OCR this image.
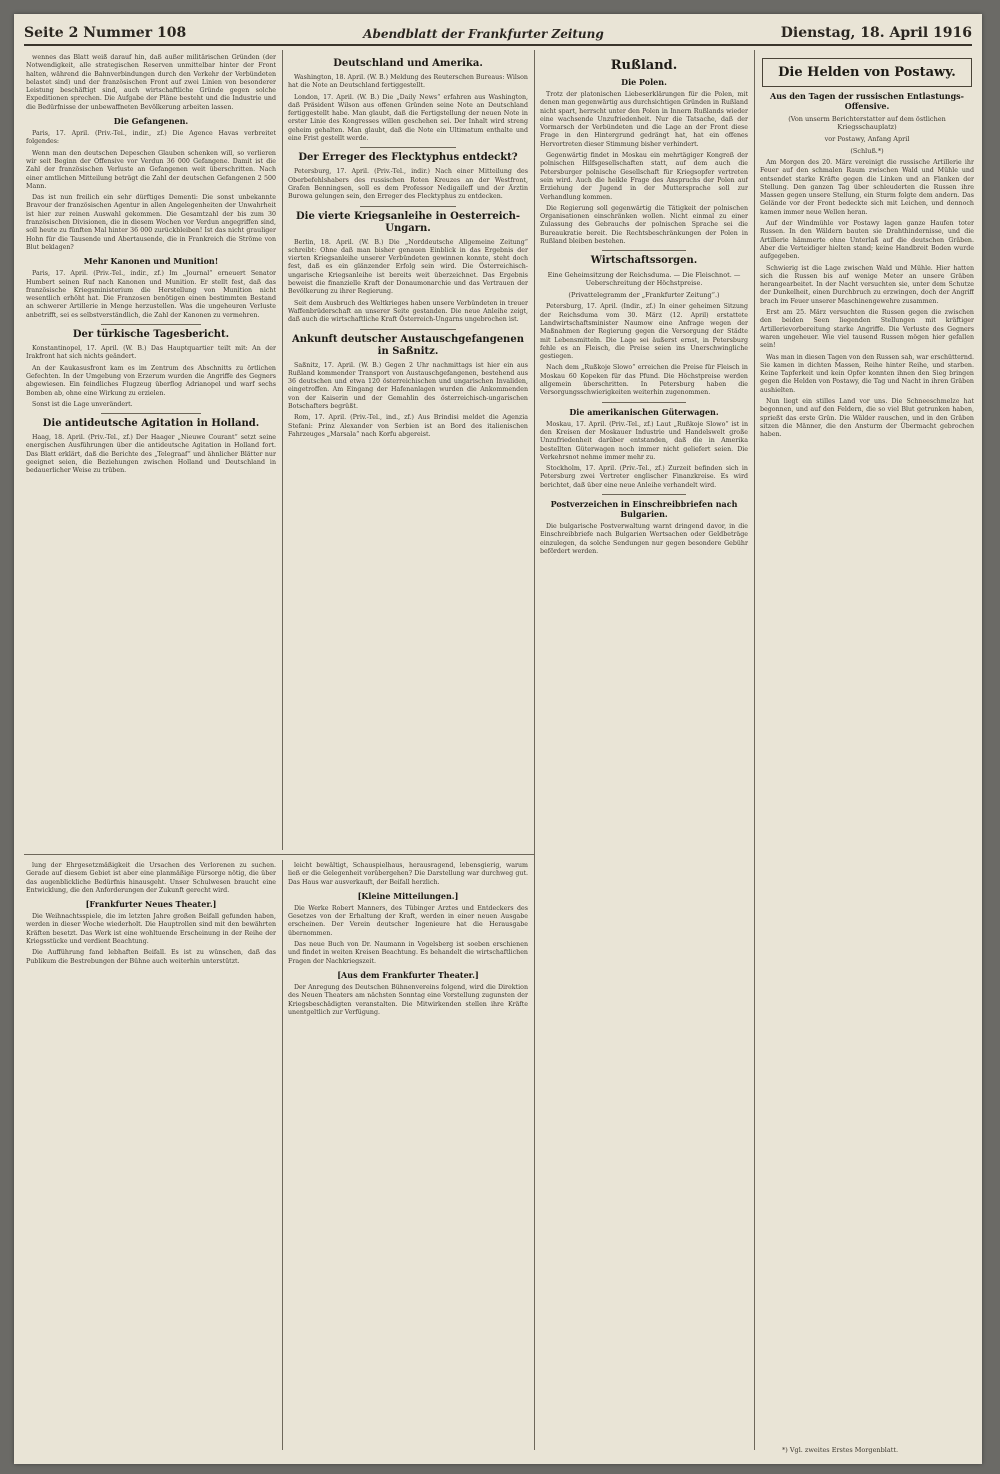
Seite 2 Nummer 108	Abendblatt der Frankfurter Zeitung	Dienstag, 18. April 1916

wennes das Blatt weiß darauf hin, daß außer militärischen Gründen (der Notwendigkeit, alle strategischen Reserven unmittelbar hinter der Front halten, während die Bahnverbindungen durch den Verkehr der Verbündeten belastet sind) und der französischen Front auf zwei Linien von besonderer Leistung beschäftigt sind, auch wirtschaftliche Gründe gegen solche Expeditionen sprechen. Die Aufgabe der Pläne besteht und die Industrie und die Bedürfnisse der unbewaffneten Bevölkerung arbeiten lassen.

Die Gefangenen.

Paris, 17. April. (Priv.-Tel., indir., zf.) Die Agence Havas verbreitet folgendes:

Wenn man den deutschen Depeschen Glauben schenken will, so verlieren wir seit Beginn der Offensive vor Verdun 36 000 Gefangene. Damit ist die Zahl der französischen Verluste an Gefangenen weit überschritten. Nach einer amtlichen Mitteilung beträgt die Zahl der deutschen Gefangenen 2 500 Mann.

Das ist nun freilich ein sehr dürftiges Dementi: Die sonst unbekannte Bravour der französischen Agentur in allen Angelegenheiten der Unwahrheit ist hier zur reinen Auswahl gekommen. Die Gesamtzahl der bis zum 30 französischen Divisionen, die in diesem Wochen vor Verdun angegriffen sind, soll heute zu fünften Mal hinter 36 000 zurückbleiben! Ist das nicht grauliger Hohn für die Tausende und Abertausende, die in Frankreich die Ströme von Blut beklagen?

Mehr Kanonen und Munition!

Paris, 17. April. (Priv.-Tel., indir., zf.) Im „Journal“ erneuert Senator Humbert seinen Ruf nach Kanonen und Munition. Er stellt fest, daß das französische Kriegsministerium die Herstellung von Munition nicht wesentlich erhöht hat. Die Franzosen benötigen einen bestimmten Bestand an schwerer Artillerie in Menge herzustellen. Was die ungeheuren Verluste anbetrifft, sei es selbstverständlich, die Zahl der Kanonen zu vermehren.

Der türkische Tagesbericht.

Konstantinopel, 17. April. (W. B.) Das Hauptquartier teilt mit: An der Irakfront hat sich nichts geändert.

An der Kaukasusfront kam es im Zentrum des Abschnitts zu örtlichen Gefechten. In der Umgebung von Erzerum wurden die Angriffe des Gegners abgewiesen. Ein feindliches Flugzeug überflog Adrianopel und warf sechs Bomben ab, ohne eine Wirkung zu erzielen.

Sonst ist die Lage unverändert.

Die antideutsche Agitation in Holland.

Haag, 18. April. (Priv.-Tel., zf.) Der Haager „Nieuwe Courant“ setzt seine energischen Ausführungen über die antideutsche Agitation in Holland fort. Das Blatt erklärt, daß die Berichte des „Telegraaf“ und ähnlicher Blätter nur geeignet seien, die Beziehungen zwischen Holland und Deutschland in bedauerlicher Weise zu trüben.

Deutschland und Amerika.

Washington, 18. April. (W. B.) Meldung des Reuterschen Bureaus: Wilson hat die Note an Deutschland fertiggestellt.

London, 17. April. (W. B.) Die „Daily News“ erfahren aus Washington, daß Präsident Wilson aus offenen Gründen seine Note an Deutschland fertiggestellt habe. Man glaubt, daß die Fertigstellung der neuen Note in erster Linie des Kongresses willen geschehen sei. Der Inhalt wird streng geheim gehalten. Man glaubt, daß die Note ein Ultimatum enthalte und eine Frist gestellt werde.

Der Erreger des Flecktyphus entdeckt?

Petersburg, 17. April. (Priv.-Tel., indir.) Nach einer Mitteilung des Oberbefehlshabers des russischen Roten Kreuzes an der Westfront, Grafen Benningsen, soll es dem Professor Nedigaileff und der Ärztin Burowa gelungen sein, den Erreger des Flecktyphus zu entdecken.

Die vierte Kriegsanleihe in Oesterreich-Ungarn.

Berlin, 18. April. (W. B.) Die „Norddeutsche Allgemeine Zeitung“ schreibt: Ohne daß man bisher genauen Einblick in das Ergebnis der vierten Kriegsanleihe unserer Verbündeten gewinnen konnte, steht doch fest, daß es ein glänzender Erfolg sein wird. Die Österreichisch-ungarische Kriegsanleihe ist bereits weit überzeichnet. Das Ergebnis beweist die finanzielle Kraft der Donaumonarchie und das Vertrauen der Bevölkerung zu ihrer Regierung.

Seit dem Ausbruch des Weltkrieges haben unsere Verbündeten in treuer Waffenbrüderschaft an unserer Seite gestanden. Die neue Anleihe zeigt, daß auch die wirtschaftliche Kraft Österreich-Ungarns ungebrochen ist.

Ankunft deutscher Austauschgefangenen in Saßnitz.

Saßnitz, 17. April. (W. B.) Gegen 2 Uhr nachmittags ist hier ein aus Rußland kommender Transport von Austauschgefangenen, bestehend aus 36 deutschen und etwa 120 österreichischen und ungarischen Invaliden, eingetroffen. Am Eingang der Hafenanlagen wurden die Ankommenden von der Kaiserin und der Gemahlin des österreichisch-ungarischen Botschafters begrüßt.

Rom, 17. April. (Priv.-Tel., ind., zf.) Aus Brindisi meldet die Agenzia Stefani: Prinz Alexander von Serbien ist an Bord des italienischen Fahrzeuges „Marsala“ nach Korfu abgereist.

Rußland.
Die Polen.

Trotz der platonischen Liebeserklärungen für die Polen, mit denen man gegenwärtig aus durchsichtigen Gründen in Rußland nicht spart, herrscht unter den Polen in Innern Rußlands wieder eine wachsende Unzufriedenheit. Nur die Tatsache, daß der Vormarsch der Verbündeten und die Lage an der Front diese Frage in den Hintergrund gedrängt hat, hat ein offenes Hervortreten dieser Stimmung bisher verhindert.

Gegenwärtig findet in Moskau ein mehrtägiger Kongreß der polnischen Hilfsgesellschaften statt, auf dem auch die Petersburger polnische Gesellschaft für Kriegsopfer vertreten sein wird. Auch die heikle Frage des Anspruchs der Polen auf Erziehung der Jugend in der Muttersprache soll zur Verhandlung kommen.

Die Regierung soll gegenwärtig die Tätigkeit der polnischen Organisationen einschränken wollen. Nicht einmal zu einer Zulassung des Gebrauchs der polnischen Sprache sei die Bureaukratie bereit. Die Rechtsbeschränkungen der Polen in Rußland bleiben bestehen.

Wirtschaftssorgen.
Eine Geheimsitzung der Reichsduma. — Die Fleischnot. — Ueberschreitung der Höchstpreise.
(Privattelegramm der „Frankfurter Zeitung“.)

Petersburg, 17. April. (Indir., zf.) In einer geheimen Sitzung der Reichsduma vom 30. März (12. April) erstattete Landwirtschaftsminister Naumow eine Anfrage wegen der Maßnahmen der Regierung gegen die Versorgung der Städte mit Lebensmitteln. Die Lage sei äußerst ernst, in Petersburg fehle es an Fleisch, die Preise seien ins Unerschwingliche gestiegen.

Nach dem „Rußkoje Slowo“ erreichen die Preise für Fleisch in Moskau 60 Kopeken für das Pfund. Die Höchstpreise werden allgemein überschritten. In Petersburg haben die Versorgungsschwierigkeiten weiterhin zugenommen.

Die amerikanischen Güterwagen.

Moskau, 17. April. (Priv.-Tel., zf.) Laut „Rußkoje Slowo“ ist in den Kreisen der Moskauer Industrie und Handelswelt große Unzufriedenheit darüber entstanden, daß die in Amerika bestellten Güterwagen noch immer nicht geliefert seien. Die Verkehrsnot nehme immer mehr zu.

Stockholm, 17. April. (Priv.-Tel., zf.) Zurzeit befinden sich in Petersburg zwei Vertreter englischer Finanzkreise. Es wird berichtet, daß über eine neue Anleihe verhandelt wird.

Postverzeichen in Einschreibbriefen nach Bulgarien.

Die bulgarische Postverwaltung warnt dringend davor, in die Einschreibbriefe nach Bulgarien Wertsachen oder Geldbeträge einzulegen, da solche Sendungen nur gegen besondere Gebühr befördert werden.

Die Helden von Postawy.
Aus den Tagen der russischen Entlastungs-Offensive.
(Von unserm Berichterstatter auf dem östlichen Kriegsschauplatz)
vor Postawy, Anfang April
(Schluß.*)

Am Morgen des 20. März vereinigt die russische Artillerie ihr Feuer auf den schmalen Raum zwischen Wald und Mühle und entsendet starke Kräfte gegen die Linken und an Flanken der Stellung. Den ganzen Tag über schleuderten die Russen ihre Massen gegen unsere Stellung, ein Sturm folgte dem andern. Das Gelände vor der Front bedeckte sich mit Leichen, und dennoch kamen immer neue Wellen heran.

Auf der Windmühle vor Postawy lagen ganze Haufen toter Russen. In den Wäldern bauten sie Drahthindernisse, und die Artillerie hämmerte ohne Unterlaß auf die deutschen Gräben. Aber die Verteidiger hielten stand; keine Handbreit Boden wurde aufgegeben.

Schwierig ist die Lage zwischen Wald und Mühle. Hier hatten sich die Russen bis auf wenige Meter an unsere Gräben herangearbeitet. In der Nacht versuchten sie, unter dem Schutze der Dunkelheit, einen Durchbruch zu erzwingen, doch der Angriff brach im Feuer unserer Maschinengewehre zusammen.

Erst am 25. März versuchten die Russen gegen die zwischen den beiden Seen liegenden Stellungen mit kräftiger Artillerievorbereitung starke Angriffe. Die Verluste des Gegners waren ungeheuer. Wie viel tausend Russen mögen hier gefallen sein!

Was man in diesen Tagen von den Russen sah, war erschütternd. Sie kamen in dichten Massen, Reihe hinter Reihe, und starben. Keine Tapferkeit und kein Opfer konnten ihnen den Sieg bringen gegen die Helden von Postawy, die Tag und Nacht in ihren Gräben aushielten.

Nun liegt ein stilles Land vor uns. Die Schneeschmelze hat begonnen, und auf den Feldern, die so viel Blut getrunken haben, sprießt das erste Grün. Die Wälder rauschen, und in den Gräben sitzen die Männer, die den Ansturm der Übermacht gebrochen haben.

lung der Ehrgesetzmäßigkeit die Ursachen des Verlorenen zu suchen. Gerade auf diesem Gebiet ist aber eine planmäßige Fürsorge nötig, die über das augenblickliche Bedürfnis hinausgeht. Unser Schulwesen braucht eine Entwicklung, die den Anforderungen der Zukunft gerecht wird.

[Frankfurter Neues Theater.]

Die Weihnachtsspiele, die im letzten Jahre großen Beifall gefunden haben, werden in dieser Woche wiederholt. Die Hauptrollen sind mit den bewährten Kräften besetzt. Das Werk ist eine wohltuende Erscheinung in der Reihe der Kriegsstücke und verdient Beachtung.

Die Aufführung fand lebhaften Beifall. Es ist zu wünschen, daß das Publikum die Bestrebungen der Bühne auch weiterhin unterstützt.

leicht bewältigt, Schauspielhaus, herausragend, lebensgierig, warum ließ er die Gelegenheit vorübergehen? Die Darstellung war durchweg gut. Das Haus war ausverkauft, der Beifall herzlich.

[Kleine Mitteilungen.]

Die Werke Robert Manners, des Tübinger Arztes und Entdeckers des Gesetzes von der Erhaltung der Kraft, werden in einer neuen Ausgabe erscheinen. Der Verein deutscher Ingenieure hat die Herausgabe übernommen.

Das neue Buch von Dr. Naumann in Vogelsberg ist soeben erschienen und findet in weiten Kreisen Beachtung. Es behandelt die wirtschaftlichen Fragen der Nachkriegszeit.

[Aus dem Frankfurter Theater.]

Der Anregung des Deutschen Bühnenvereins folgend, wird die Direktion des Neuen Theaters am nächsten Sonntag eine Vorstellung zugunsten der Kriegsbeschädigten veranstalten. Die Mitwirkenden stellen ihre Kräfte unentgeltlich zur Verfügung.

*) Vgl. zweites Erstes Morgenblatt.
